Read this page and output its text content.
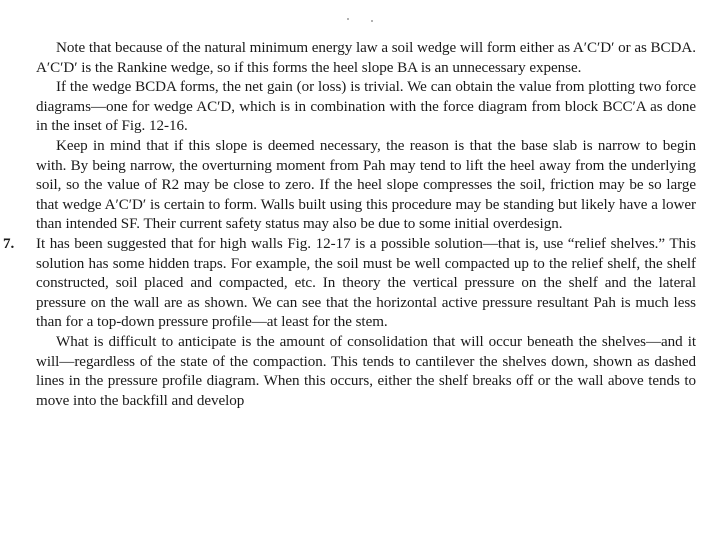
Note that because of the natural minimum energy law a soil wedge will form either as A′C′D′ or as BCDA. A′C′D′ is the Rankine wedge, so if this forms the heel slope BA is an unnecessary expense.

If the wedge BCDA forms, the net gain (or loss) is trivial. We can obtain the value from plotting two force diagrams—one for wedge AC′D, which is in combination with the force diagram from block BCC′A as done in the inset of Fig. 12-16.

Keep in mind that if this slope is deemed necessary, the reason is that the base slab is narrow to begin with. By being narrow, the overturning moment from Pah may tend to lift the heel away from the underlying soil, so the value of R2 may be close to zero. If the heel slope compresses the soil, friction may be so large that wedge A′C′D′ is certain to form. Walls built using this procedure may be standing but likely have a lower than intended SF. Their current safety status may also be due to some initial overdesign.

7. It has been suggested that for high walls Fig. 12-17 is a possible solution—that is, use “relief shelves.” This solution has some hidden traps. For example, the soil must be well compacted up to the relief shelf, the shelf constructed, soil placed and compacted, etc. In theory the vertical pressure on the shelf and the lateral pressure on the wall are as shown. We can see that the horizontal active pressure resultant Pah is much less than for a top-down pressure profile—at least for the stem.

What is difficult to anticipate is the amount of consolidation that will occur beneath the shelves—and it will—regardless of the state of the compaction. This tends to cantilever the shelves down, shown as dashed lines in the pressure profile diagram. When this occurs, either the shelf breaks off or the wall above tends to move into the backfill and develop
